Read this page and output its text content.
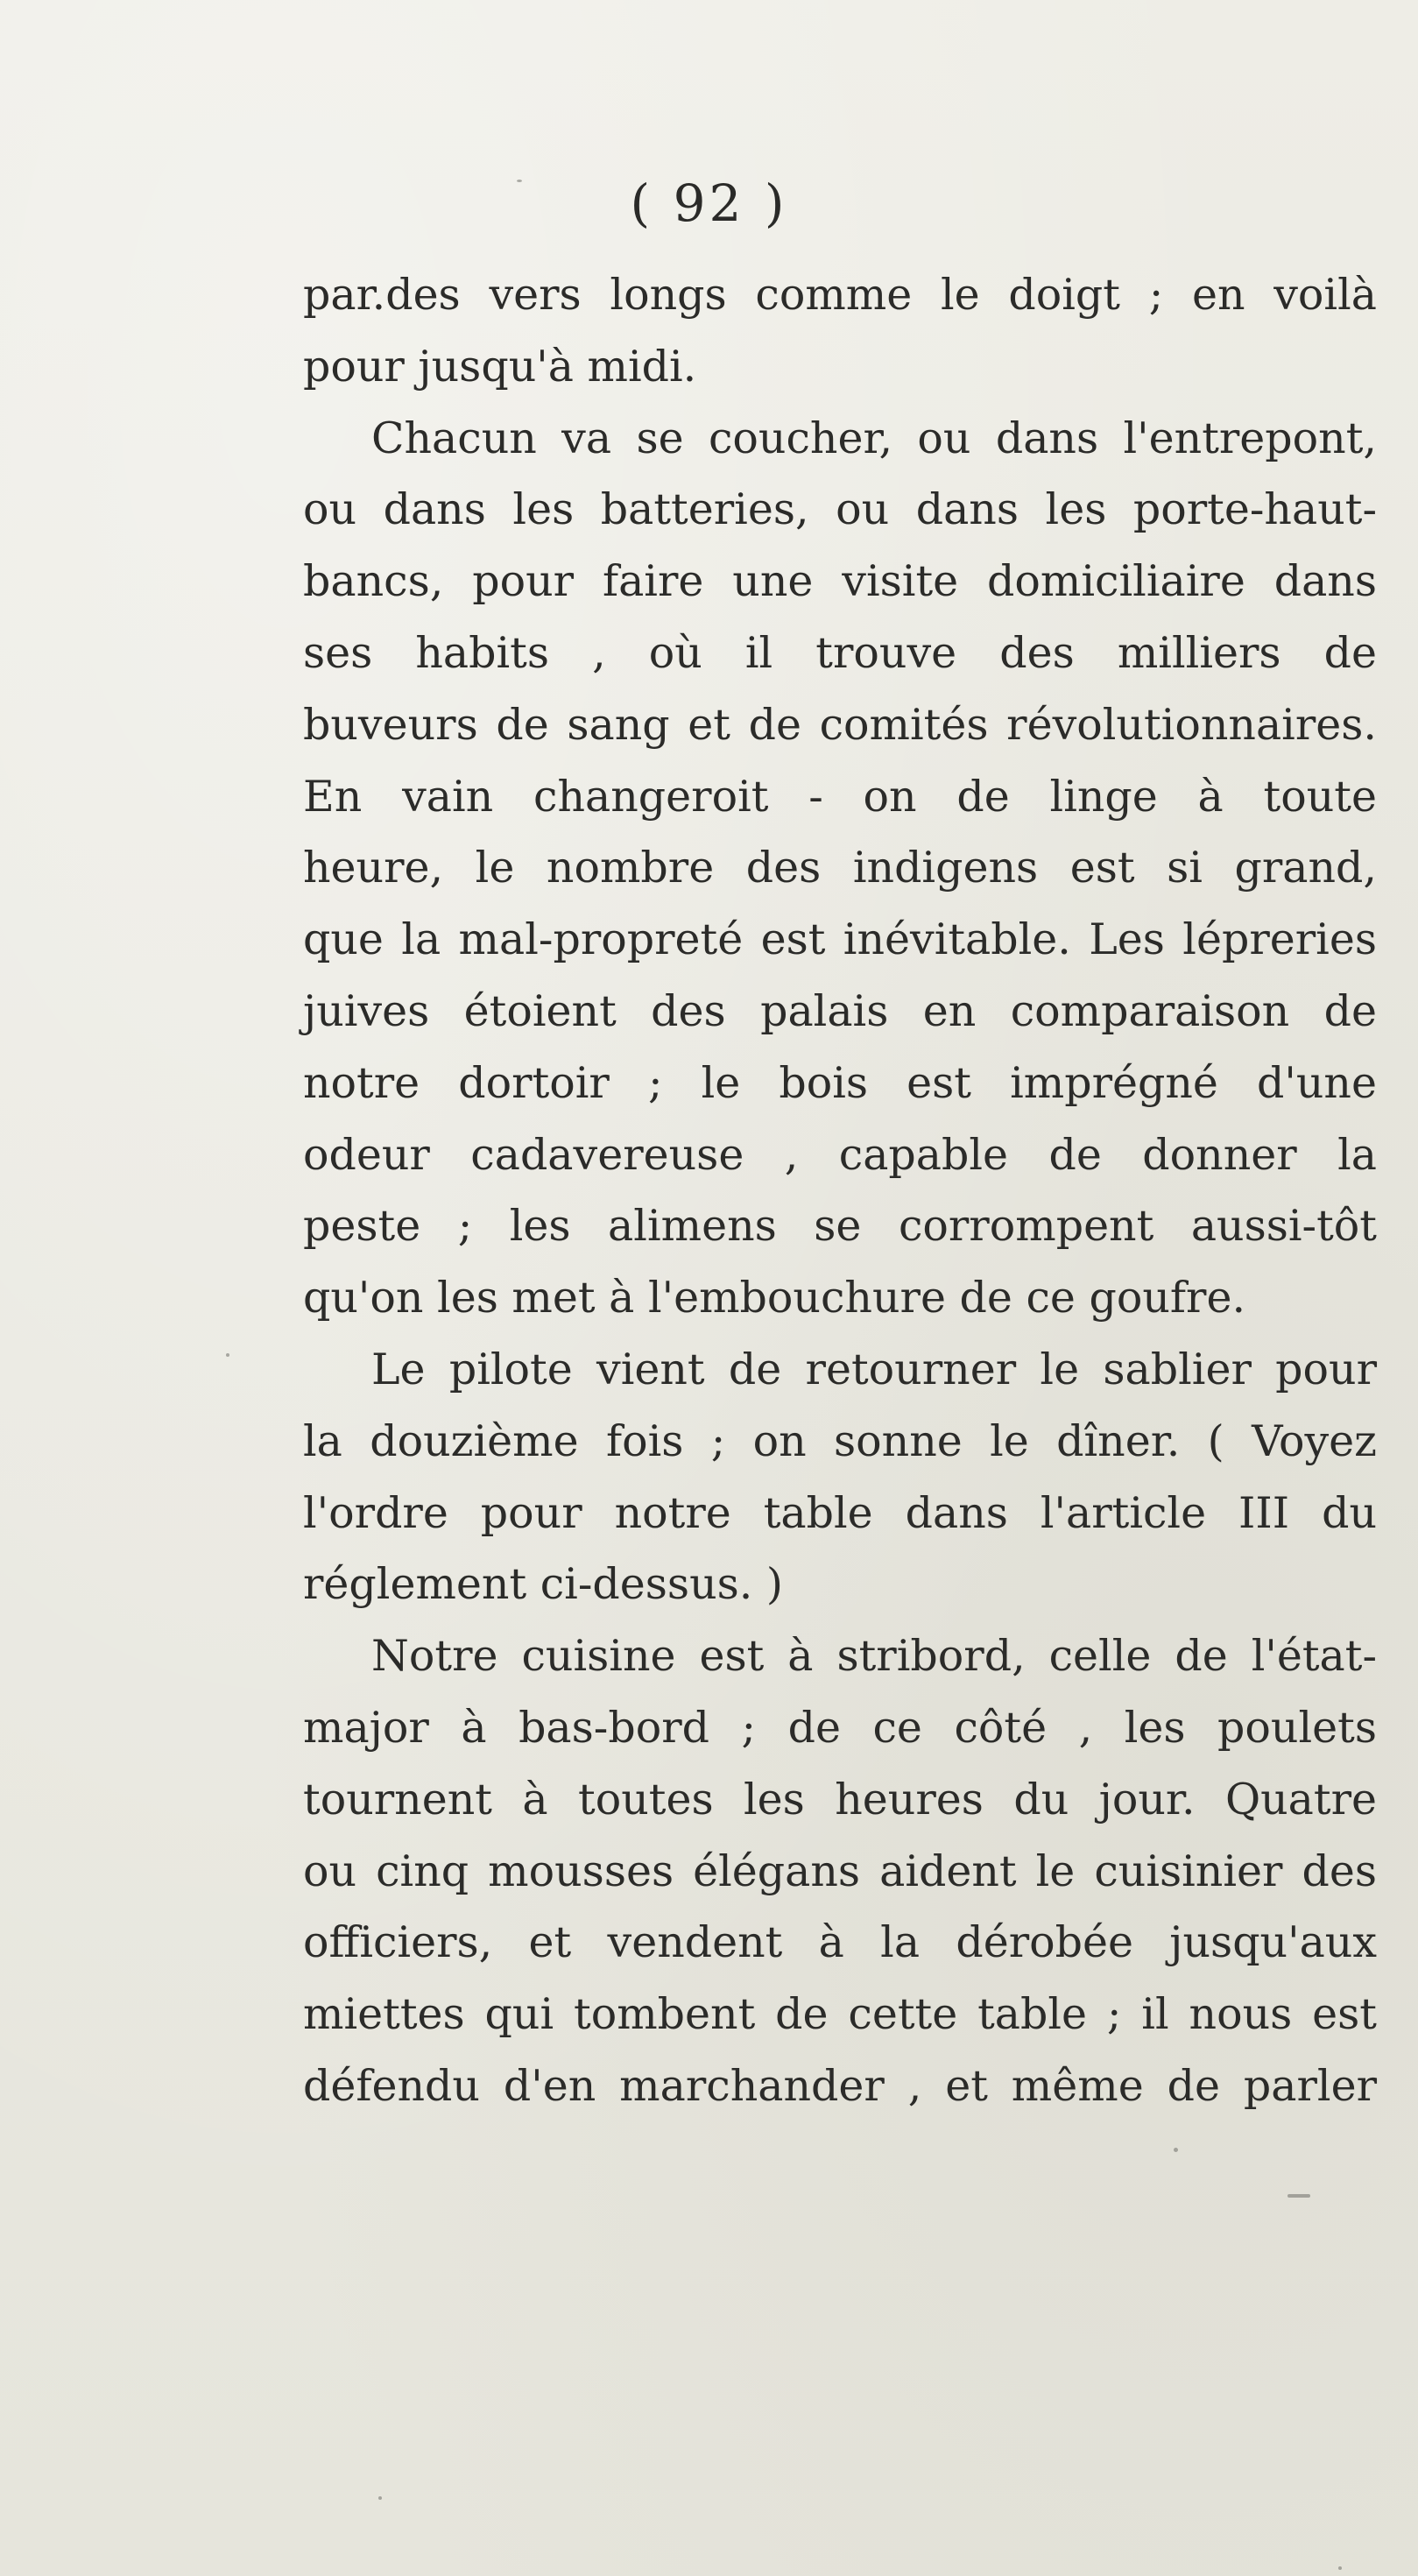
( 92 )
par.des vers longs comme le doigt ; en voilà
pour jusqu'à midi.
Chacun va se coucher, ou dans l'entrepont,
ou dans les batteries, ou dans les porte-haut-
bancs, pour faire une visite domiciliaire dans
ses habits , où il trouve des milliers de
buveurs de sang et de comités révolutionnaires.
En vain changeroit - on de linge à toute
heure, le nombre des indigens est si grand,
que la mal-propreté est inévitable. Les lépreries
juives étoient des palais en comparaison de
notre dortoir ; le bois est imprégné d'une
odeur cadavereuse , capable de donner la
peste ; les alimens se corrompent aussi-tôt
qu'on les met à l'embouchure de ce goufre.
Le pilote vient de retourner le sablier pour
la douzième fois ; on sonne le dîner. ( Voyez
l'ordre pour notre table dans l'article III du
réglement ci-dessus. )
Notre cuisine est à stribord, celle de l'état-
major à bas-bord ; de ce côté , les poulets
tournent à toutes les heures du jour. Quatre
ou cinq mousses élégans aident le cuisinier des
officiers, et vendent à la dérobée jusqu'aux
miettes qui tombent de cette table ; il nous est
défendu d'en marchander , et même de parler
